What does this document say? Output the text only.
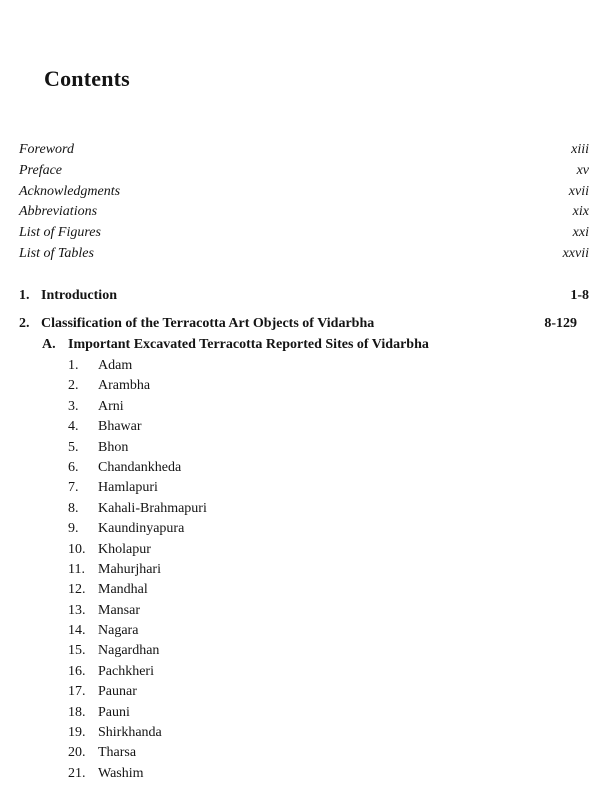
Contents
Foreword	xiii
Preface	xv
Acknowledgments	xvii
Abbreviations	xix
List of Figures	xxi
List of Tables	xxvii
1. Introduction	1-8
2. Classification of the Terracotta Art Objects of Vidarbha	8-129
A. Important Excavated Terracotta Reported Sites of Vidarbha
1.	Adam
2.	Arambha
3.	Arni
4.	Bhawar
5.	Bhon
6.	Chandankheda
7.	Hamlapuri
8.	Kahali-Brahmapuri
9.	Kaundinyapura
10. Kholapur
11. Mahurjhari
12. Mandhal
13. Mansar
14. Nagara
15. Nagardhan
16. Pachkheri
17. Paunar
18. Pauni
19. Shirkhanda
20. Tharsa
21. Washim
